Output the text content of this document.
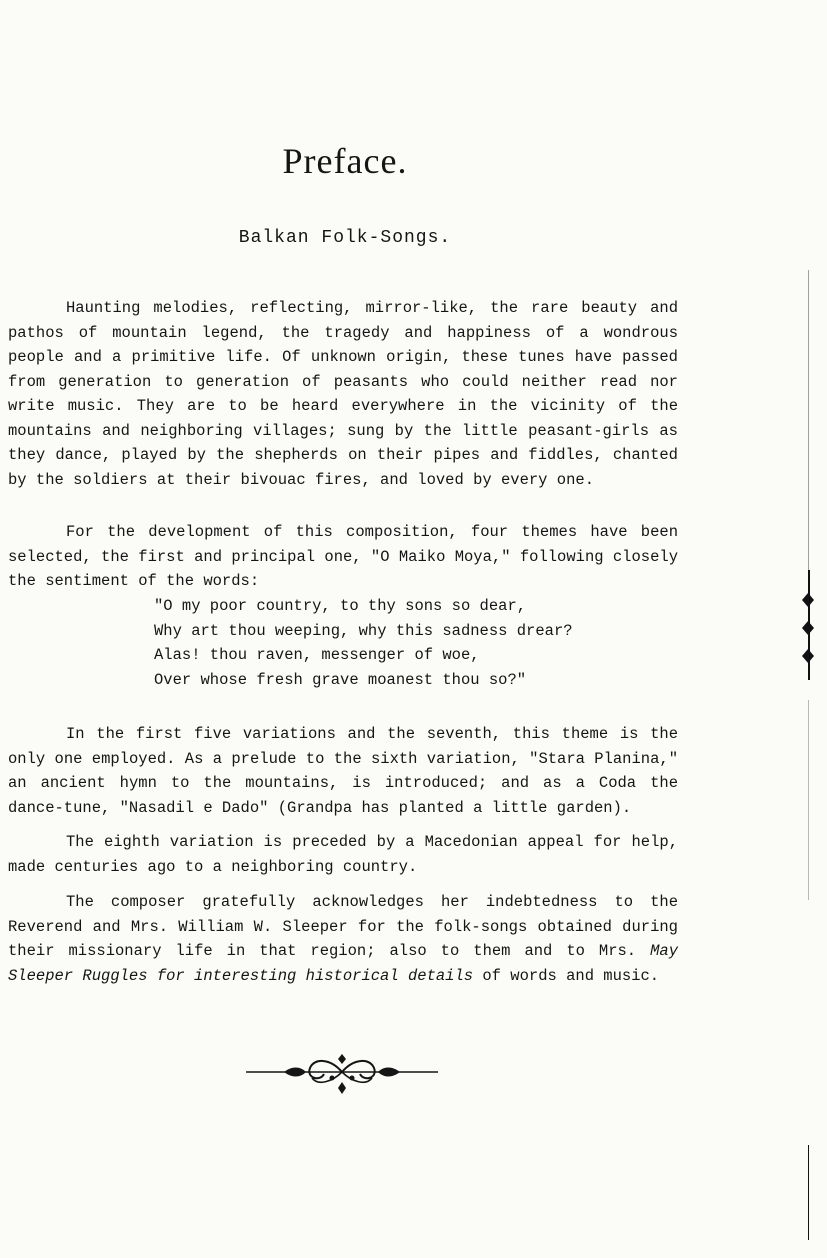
Preface.
Balkan Folk-Songs.

Haunting melodies, reflecting, mirror-like, the rare beauty and pathos of mountain legend, the tragedy and happiness of a wondrous people and a primitive life. Of unknown origin, these tunes have passed from generation to generation of peasants who could neither read nor write music. They are to be heard everywhere in the vicinity of the mountains and neighboring villages; sung by the little peasant-girls as they dance, played by the shepherds on their pipes and fiddles, chanted by the soldiers at their bivouac fires, and loved by every one.

For the development of this composition, four themes have been selected, the first and principal one, "O Maiko Moya," following closely the sentiment of the words:

"O my poor country, to thy sons so dear,
Why art thou weeping, why this sadness drear?
Alas! thou raven, messenger of woe,
Over whose fresh grave moanest thou so?"

In the first five variations and the seventh, this theme is the only one employed. As a prelude to the sixth variation, "Stara Planina," an ancient hymn to the mountains, is introduced; and as a Coda the dance-tune, "Nasadil e Dado" (Grandpa has planted a little garden).

The eighth variation is preceded by a Macedonian appeal for help, made centuries ago to a neighboring country.

The composer gratefully acknowledges her indebtedness to the Reverend and Mrs. William W. Sleeper for the folk-songs obtained during their missionary life in that region; also to them and to Mrs. May Sleeper Ruggles for interesting historical details of words and music.
